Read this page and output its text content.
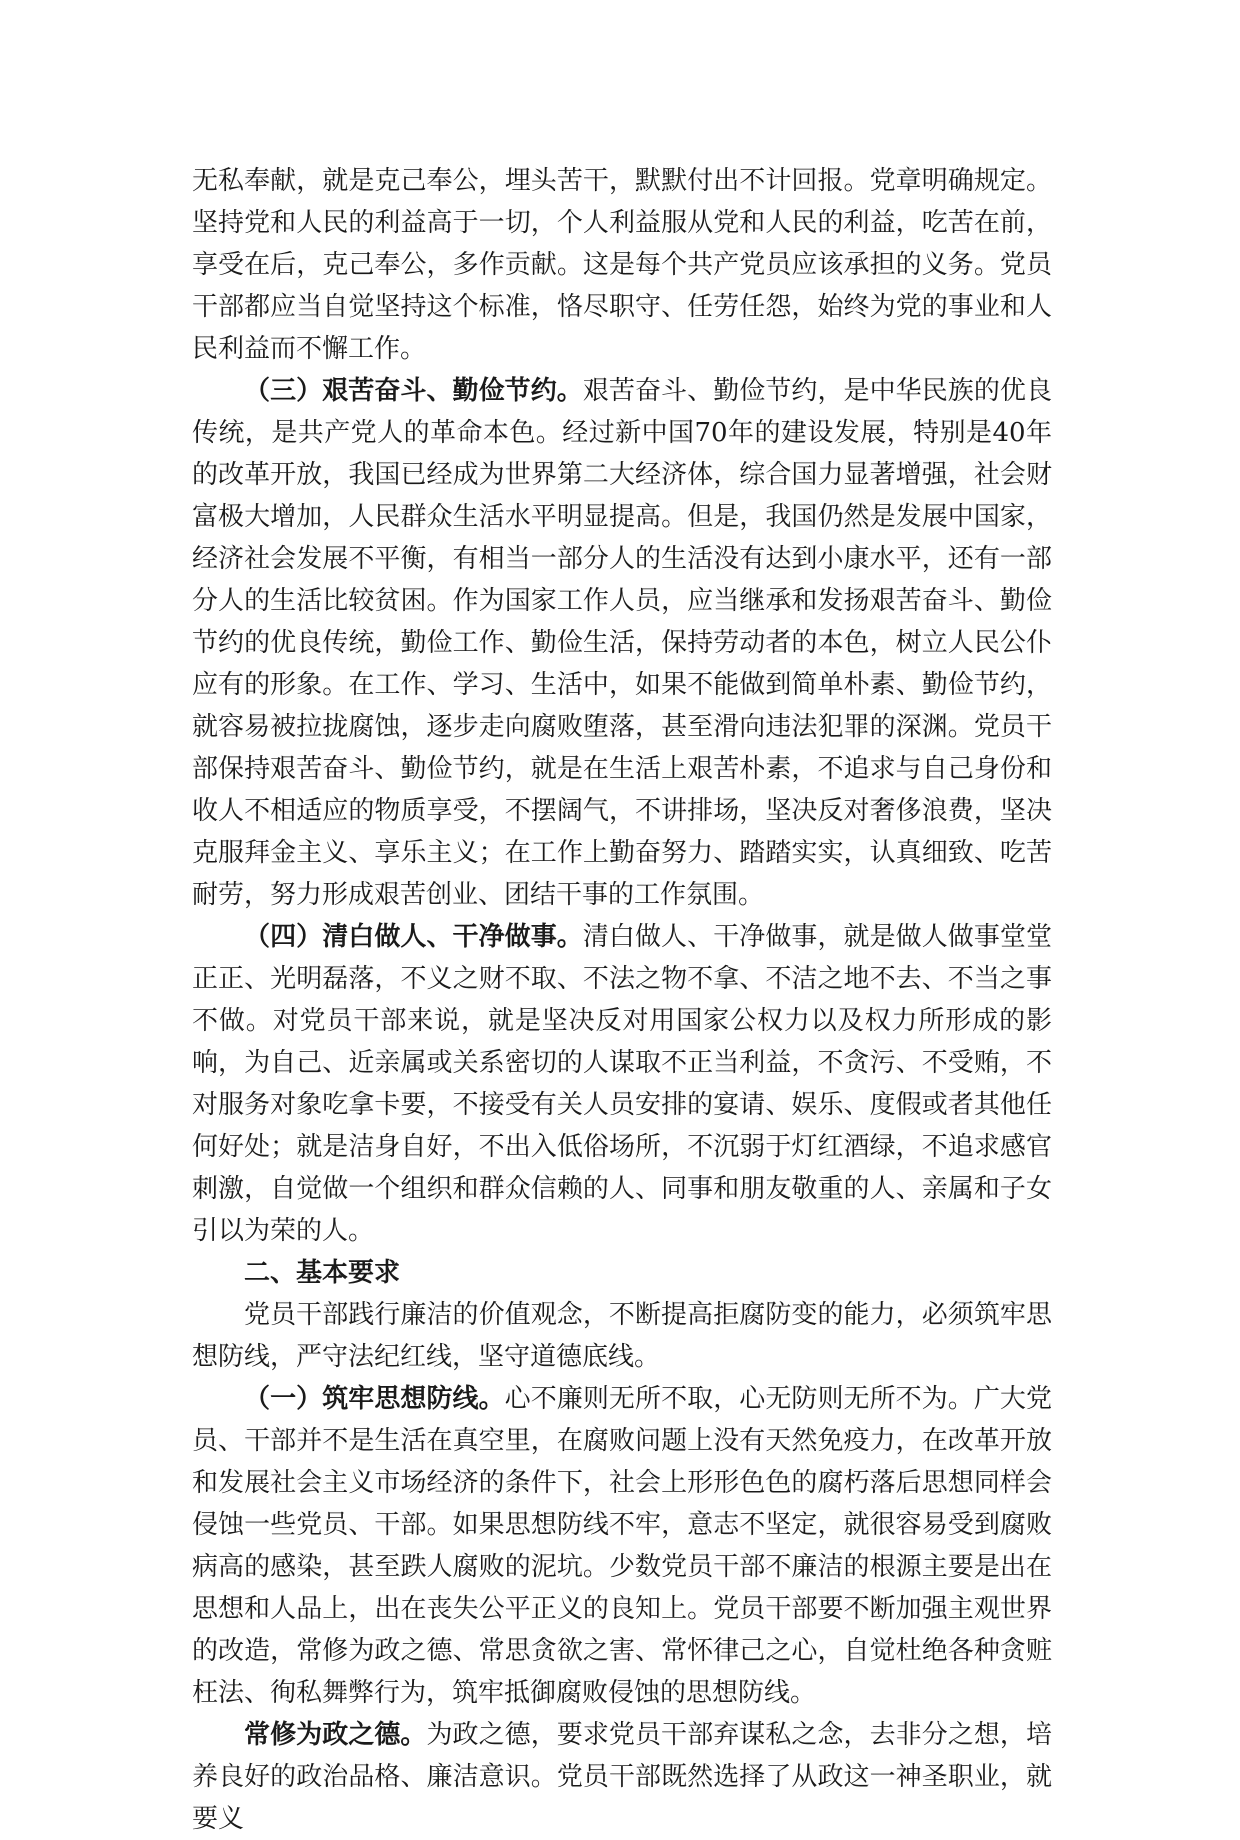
无私奉献，就是克己奉公，埋头苦干，默默付出不计回报。党章明确规定。坚持党和人民的利益高于一切，个人利益服从党和人民的利益，吃苦在前，享受在后，克己奉公，多作贡献。这是每个共产党员应该承担的义务。党员干部都应当自觉坚持这个标准，恪尽职守、任劳任怨，始终为党的事业和人民利益而不懈工作。

（三）艰苦奋斗、勤俭节约。艰苦奋斗、勤俭节约，是中华民族的优良传统，是共产党人的革命本色。经过新中国70年的建设发展，特别是40年的改革开放，我国已经成为世界第二大经济体，综合国力显著增强，社会财富极大增加，人民群众生活水平明显提高。但是，我国仍然是发展中国家，经济社会发展不平衡，有相当一部分人的生活没有达到小康水平，还有一部分人的生活比较贫困。作为国家工作人员，应当继承和发扬艰苦奋斗、勤俭节约的优良传统，勤俭工作、勤俭生活，保持劳动者的本色，树立人民公仆应有的形象。在工作、学习、生活中，如果不能做到简单朴素、勤俭节约，就容易被拉拢腐蚀，逐步走向腐败堕落，甚至滑向违法犯罪的深渊。党员干部保持艰苦奋斗、勤俭节约，就是在生活上艰苦朴素，不追求与自己身份和收人不相适应的物质享受，不摆阔气，不讲排场，坚决反对奢侈浪费，坚决克服拜金主义、享乐主义；在工作上勤奋努力、踏踏实实，认真细致、吃苦耐劳，努力形成艰苦创业、团结干事的工作氛围。

（四）清白做人、干净做事。清白做人、干净做事，就是做人做事堂堂正正、光明磊落，不义之财不取、不法之物不拿、不洁之地不去、不当之事不做。对党员干部来说，就是坚决反对用国家公权力以及权力所形成的影响，为自己、近亲属或关系密切的人谋取不正当利益，不贪污、不受贿，不对服务对象吃拿卡要，不接受有关人员安排的宴请、娱乐、度假或者其他任何好处；就是洁身自好，不出入低俗场所，不沉弱于灯红酒绿，不追求感官刺激，自觉做一个组织和群众信赖的人、同事和朋友敬重的人、亲属和子女引以为荣的人。

二、基本要求

党员干部践行廉洁的价值观念，不断提高拒腐防变的能力，必须筑牢思想防线，严守法纪红线，坚守道德底线。

（一）筑牢思想防线。心不廉则无所不取，心无防则无所不为。广大党员、干部并不是生活在真空里，在腐败问题上没有天然免疫力，在改革开放和发展社会主义市场经济的条件下，社会上形形色色的腐朽落后思想同样会侵蚀一些党员、干部。如果思想防线不牢，意志不坚定，就很容易受到腐败病高的感染，甚至跌人腐败的泥坑。少数党员干部不廉洁的根源主要是出在思想和人品上，出在丧失公平正义的良知上。党员干部要不断加强主观世界的改造，常修为政之德、常思贪欲之害、常怀律己之心，自觉杜绝各种贪赃枉法、徇私舞弊行为，筑牢抵御腐败侵蚀的思想防线。

常修为政之德。为政之德，要求党员干部弃谋私之念，去非分之想，培养良好的政治品格、廉洁意识。党员干部既然选择了从政这一神圣职业，就要义
